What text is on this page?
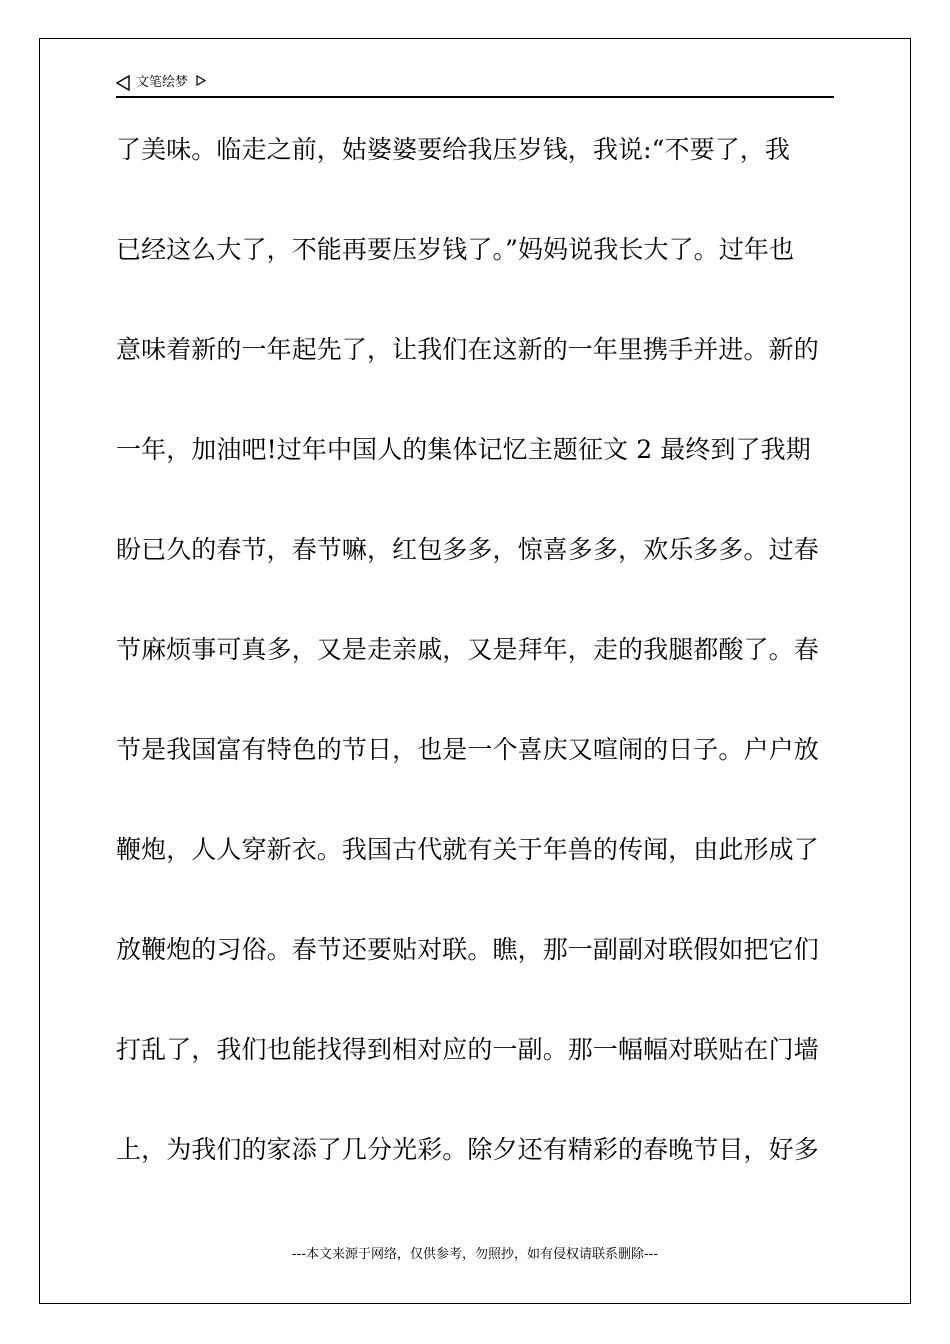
文笔绘梦
了美味。临走之前，姑婆婆要给我压岁钱，我说:“不要了，我
已经这么大了，不能再要压岁钱了。”妈妈说我长大了。过年也
意味着新的一年起先了，让我们在这新的一年里携手并进。新的
一年，加油吧!过年中国人的集体记忆主题征文 2 最终到了我期
盼已久的春节，春节嘛，红包多多，惊喜多多，欢乐多多。过春
节麻烦事可真多，又是走亲戚，又是拜年，走的我腿都酸了。春
节是我国富有特色的节日，也是一个喜庆又喧闹的日子。户户放
鞭炮，人人穿新衣。我国古代就有关于年兽的传闻，由此形成了
放鞭炮的习俗。春节还要贴对联。瞧，那一副副对联假如把它们
打乱了，我们也能找得到相对应的一副。那一幅幅对联贴在门墙
上，为我们的家添了几分光彩。除夕还有精彩的春晚节目，好多
---本文来源于网络，仅供参考，勿照抄，如有侵权请联系删除---
